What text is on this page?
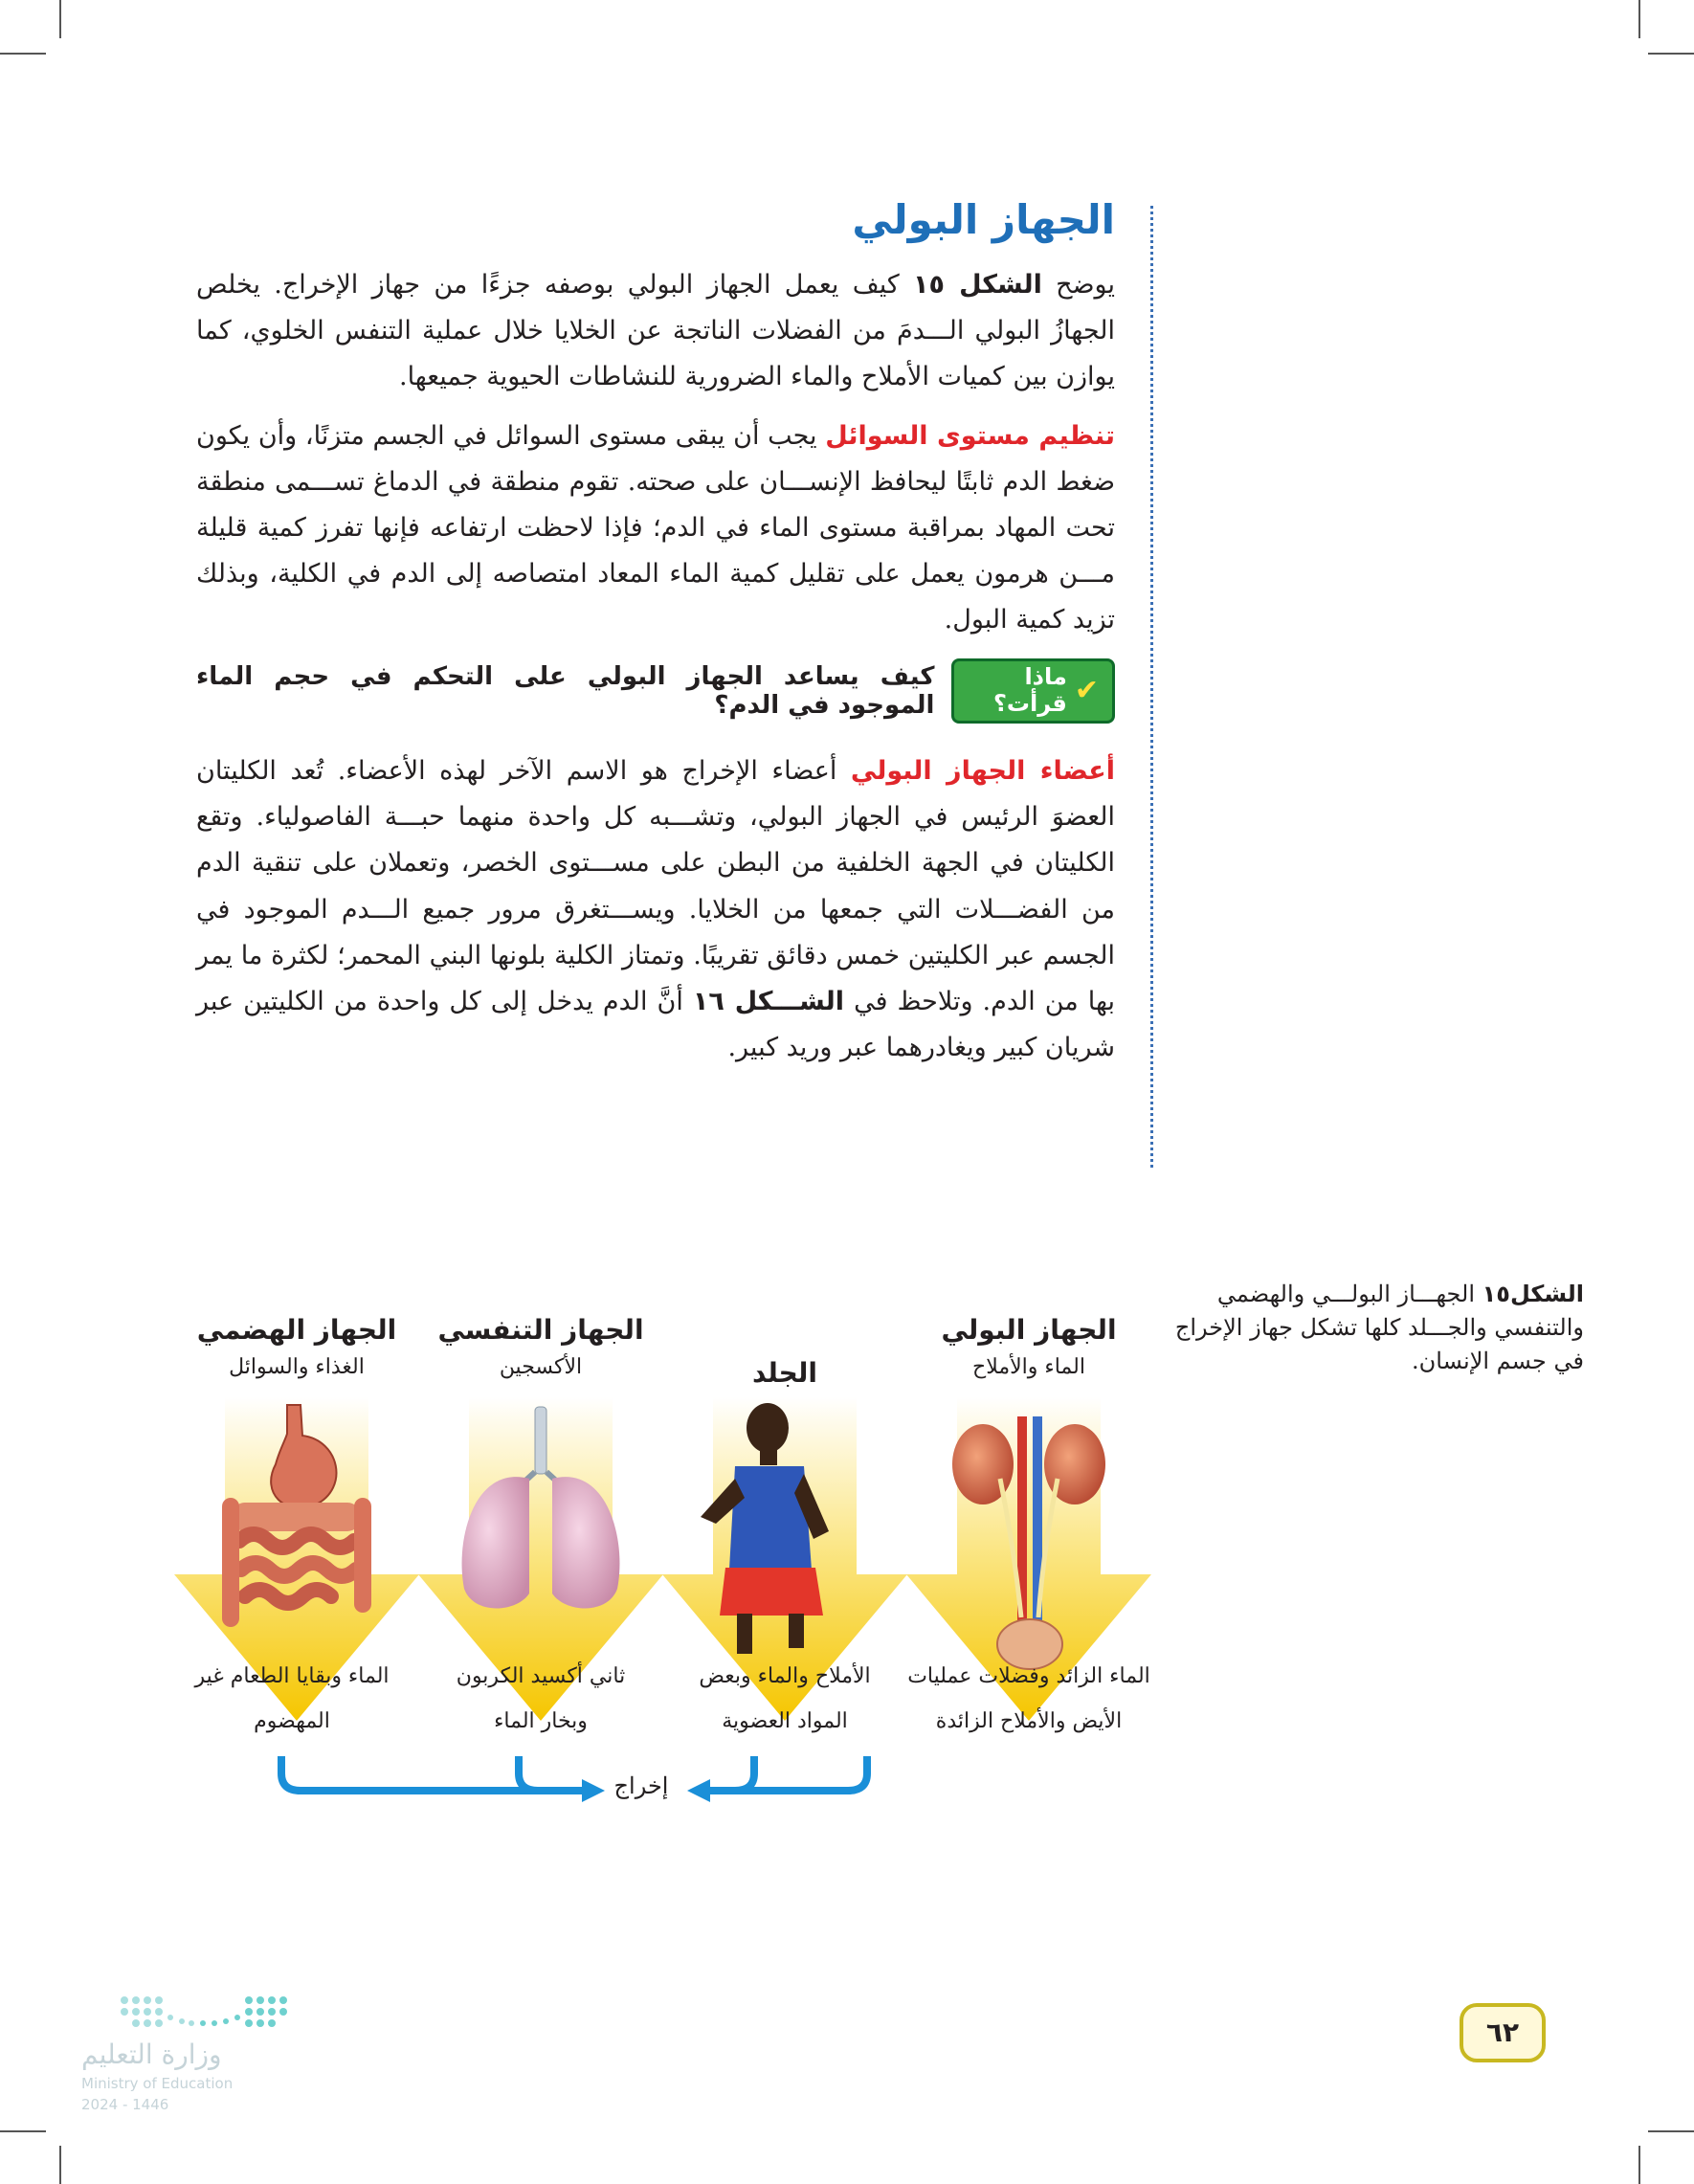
الجهاز البولي

يوضح الشكل ١٥ كيف يعمل الجهاز البولي بوصفه جزءًا من جهاز الإخراج. يخلص الجهازُ البولي الـــدمَ من الفضلات الناتجة عن الخلايا خلال عملية التنفس الخلوي، كما يوازن بين كميات الأملاح والماء الضرورية للنشاطات الحيوية جميعها.

تنظيم مستوى السوائل يجب أن يبقى مستوى السوائل في الجسم متزنًا، وأن يكون ضغط الدم ثابتًا ليحافظ الإنســـان على صحته. تقوم منطقة في الدماغ تســـمى منطقة تحت المهاد بمراقبة مستوى الماء في الدم؛ فإذا لاحظت ارتفاعه فإنها تفرز كمية قليلة مـــن هرمون يعمل على تقليل كمية الماء المعاد امتصاصه إلى الدم في الكلية، وبذلك تزيد كمية البول.

✔
ماذا قرأت؟
كيف يساعد الجهاز البولي على التحكم في حجم الماء الموجود في الدم؟

أعضاء الجهاز البولي أعضاء الإخراج هو الاسم الآخر لهذه الأعضاء. تُعد الكليتان العضوَ الرئيس في الجهاز البولي، وتشـــبه كل واحدة منهما حبـــة الفاصولياء. وتقع الكليتان في الجهة الخلفية من البطن على مســـتوى الخصر، وتعملان على تنقية الدم من الفضـــلات التي جمعها من الخلايا. ويســـتغرق مرور جميع الـــدم الموجود في الجسم عبر الكليتين خمس دقائق تقريبًا. وتمتاز الكلية بلونها البني المحمر؛ لكثرة ما يمر بها من الدم. وتلاحظ في الشـــكل ١٦ أنَّ الدم يدخل إلى كل واحدة من الكليتين عبر شريان كبير ويغادرهما عبر وريد كبير.

الشكل١٥ الجهـــاز البولـــي والهضمي والتنفسي والجـــلد كلها تشكل جهاز الإخراج في جسم الإنسان.

الجهاز البولي

الماء والأملاح

الجلد

الجهاز التنفسي

الأكسجين

الجهاز الهضمي

الغذاء والسوائل

الماء الزائد وفضلات عمليات
الأيض والأملاح الزائدة
الأملاح والماء وبعض
المواد العضوية
ثاني أكسيد الكربون
وبخار الماء
الماء وبقايا الطعام غير
المهضوم
إخراج
٦٢
وزارة التعليم
Ministry of Education
2024 - 1446
